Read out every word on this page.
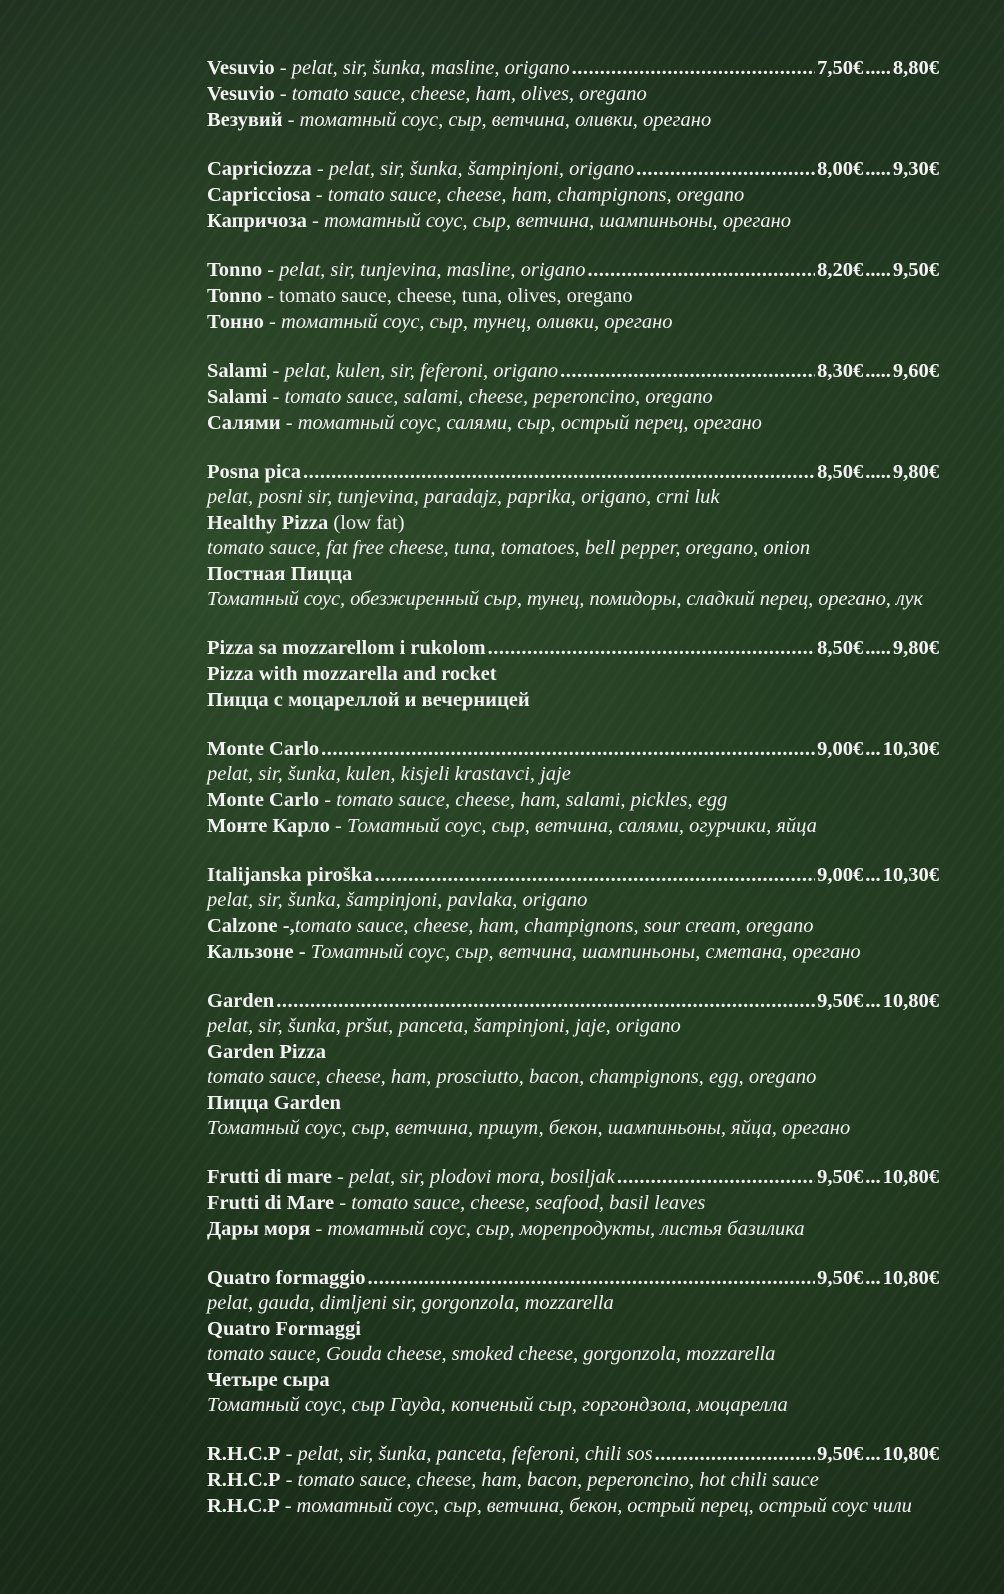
Vesuvio - pelat, sir, šunka, masline, origano .....	7,50€ ..... 8,80€
Vesuvio - tomato sauce, cheese, ham, olives, oregano
Везувий - томатный соус, сыр, ветчина, оливки, орегано
Capriciozza - pelat, sir, šunka, šampinjoni, origano .....	8,00€ ..... 9,30€
Capricciosa - tomato sauce, cheese, ham, champignons, oregano
Капричоза - томатный соус, сыр, ветчина, шампиньоны, орегано
Tonno - pelat, sir, tunjevina, masline, origano .....	8,20€ ..... 9,50€
Tonno - tomato sauce, cheese, tuna, olives, oregano
Тонно - томатный соус, сыр, тунец, оливки, орегано
Salami - pelat, kulen, sir, feferoni, origano .....	8,30€ ..... 9,60€
Salami - tomato sauce, salami, cheese, peperoncino, oregano
Салями - томатный соус, салями, сыр, острый перец, орегано
Posna pica .....	8,50€ ..... 9,80€
pelat, posni sir, tunjevina, paradajz, paprika, origano, crni luk
Healthy Pizza (low fat)
tomato sauce, fat free cheese, tuna, tomatoes, bell pepper, oregano, onion
Постная Пицца
Томатный соус, обезжиренный сыр, тунец, помидоры, сладкий перец, орегано, лук
Pizza sa mozzarellom i rukolom .....	8,50€ ..... 9,80€
Pizza with mozzarella and rocket
Пицца с моцареллой и вечерницей
Monte Carlo .....	9,00€ ... 10,30€
pelat, sir, šunka, kulen, kisjeli krastavci, jaje
Monte Carlo - tomato sauce, cheese, ham, salami, pickles, egg
Монте Карло - Томатный соус, сыр, ветчина, салями, огурчики, яйца
Italijanska piroška .....	9,00€ ... 10,30€
pelat, sir, šunka, šampinjoni, pavlaka, origano
Calzone -,tomato sauce, cheese, ham, champignons, sour cream, oregano
Кальзоне - Томатный соус, сыр, ветчина, шампиньоны, сметана, орегано
Garden .....	9,50€ ... 10,80€
pelat, sir, šunka, pršut, panceta, šampinjoni, jaje, origano
Garden Pizza
tomato sauce, cheese, ham, prosciutto, bacon, champignons, egg, oregano
Пицца Garden
Томатный соус, сыр, ветчина, пршут, бекон, шампиньоны, яйца, орегано
Frutti di mare - pelat, sir, plodovi mora, bosiljak .....	9,50€ ... 10,80€
Frutti di Mare - tomato sauce, cheese, seafood, basil leaves
Дары моря - томатный соус, сыр, морепродукты, листья базилика
Quatro formaggio .....	9,50€ ... 10,80€
pelat, gauda, dimljeni sir, gorgonzola, mozzarella
Quatro Formaggi
tomato sauce, Gouda cheese, smoked cheese, gorgonzola, mozzarella
Четыре сыра
Томатный соус, сыр Гауда, копченый сыр, горгондзола, моцарелла
R.H.C.P - pelat, sir, šunka, panceta, feferoni, chili sos .....	9,50€ ... 10,80€
R.H.C.P - tomato sauce, cheese, ham, bacon, peperoncino, hot chili sauce
R.H.C.P - томатный соус, сыр, ветчина, бекон, острый перец, острый соус чили
